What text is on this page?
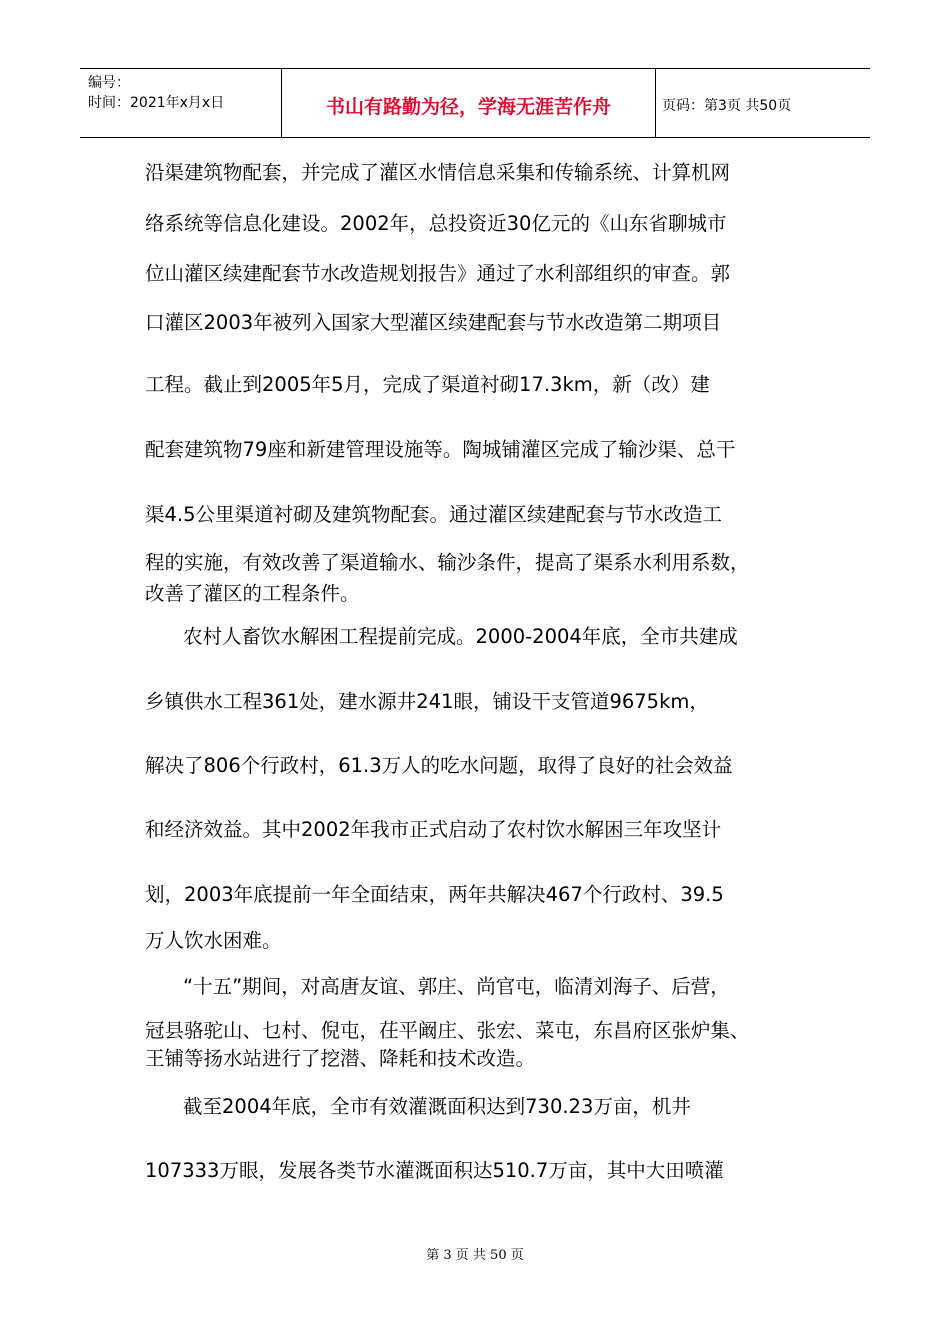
编号：
时间：2021年x月x日	书山有路勤为径，学海无涯苦作舟	页码：第3页 共50页
沿渠建筑物配套，并完成了灌区水情信息采集和传输系统、计算机网
络系统等信息化建设。2002年，总投资近30亿元的《山东省聊城市
位山灌区续建配套节水改造规划报告》通过了水利部组织的审查。郭
口灌区2003年被列入国家大型灌区续建配套与节水改造第二期项目
工程。截止到2005年5月，完成了渠道衬砌17.3km，新（改）建
配套建筑物79座和新建管理设施等。陶城铺灌区完成了输沙渠、总干
渠4.5公里渠道衬砌及建筑物配套。通过灌区续建配套与节水改造工
程的实施，有效改善了渠道输水、输沙条件，提高了渠系水利用系数，
改善了灌区的工程条件。
农村人畜饮水解困工程提前完成。2000-2004年底，全市共建成
乡镇供水工程361处，建水源井241眼，铺设干支管道9675km，
解决了806个行政村，61.3万人的吃水问题，取得了良好的社会效益
和经济效益。其中2002年我市正式启动了农村饮水解困三年攻坚计
划，2003年底提前一年全面结束，两年共解决467个行政村、39.5
万人饮水困难。
“十五”期间，对高唐友谊、郭庄、尚官屯，临清刘海子、后营，
冠县骆驼山、乜村、倪屯，茌平阚庄、张宏、菜屯，东昌府区张炉集、
王铺等扬水站进行了挖潜、降耗和技术改造。
截至2004年底，全市有效灌溉面积达到730.23万亩，机井
107333万眼，发展各类节水灌溉面积达510.7万亩，其中大田喷灌
第 3 页 共 50 页
